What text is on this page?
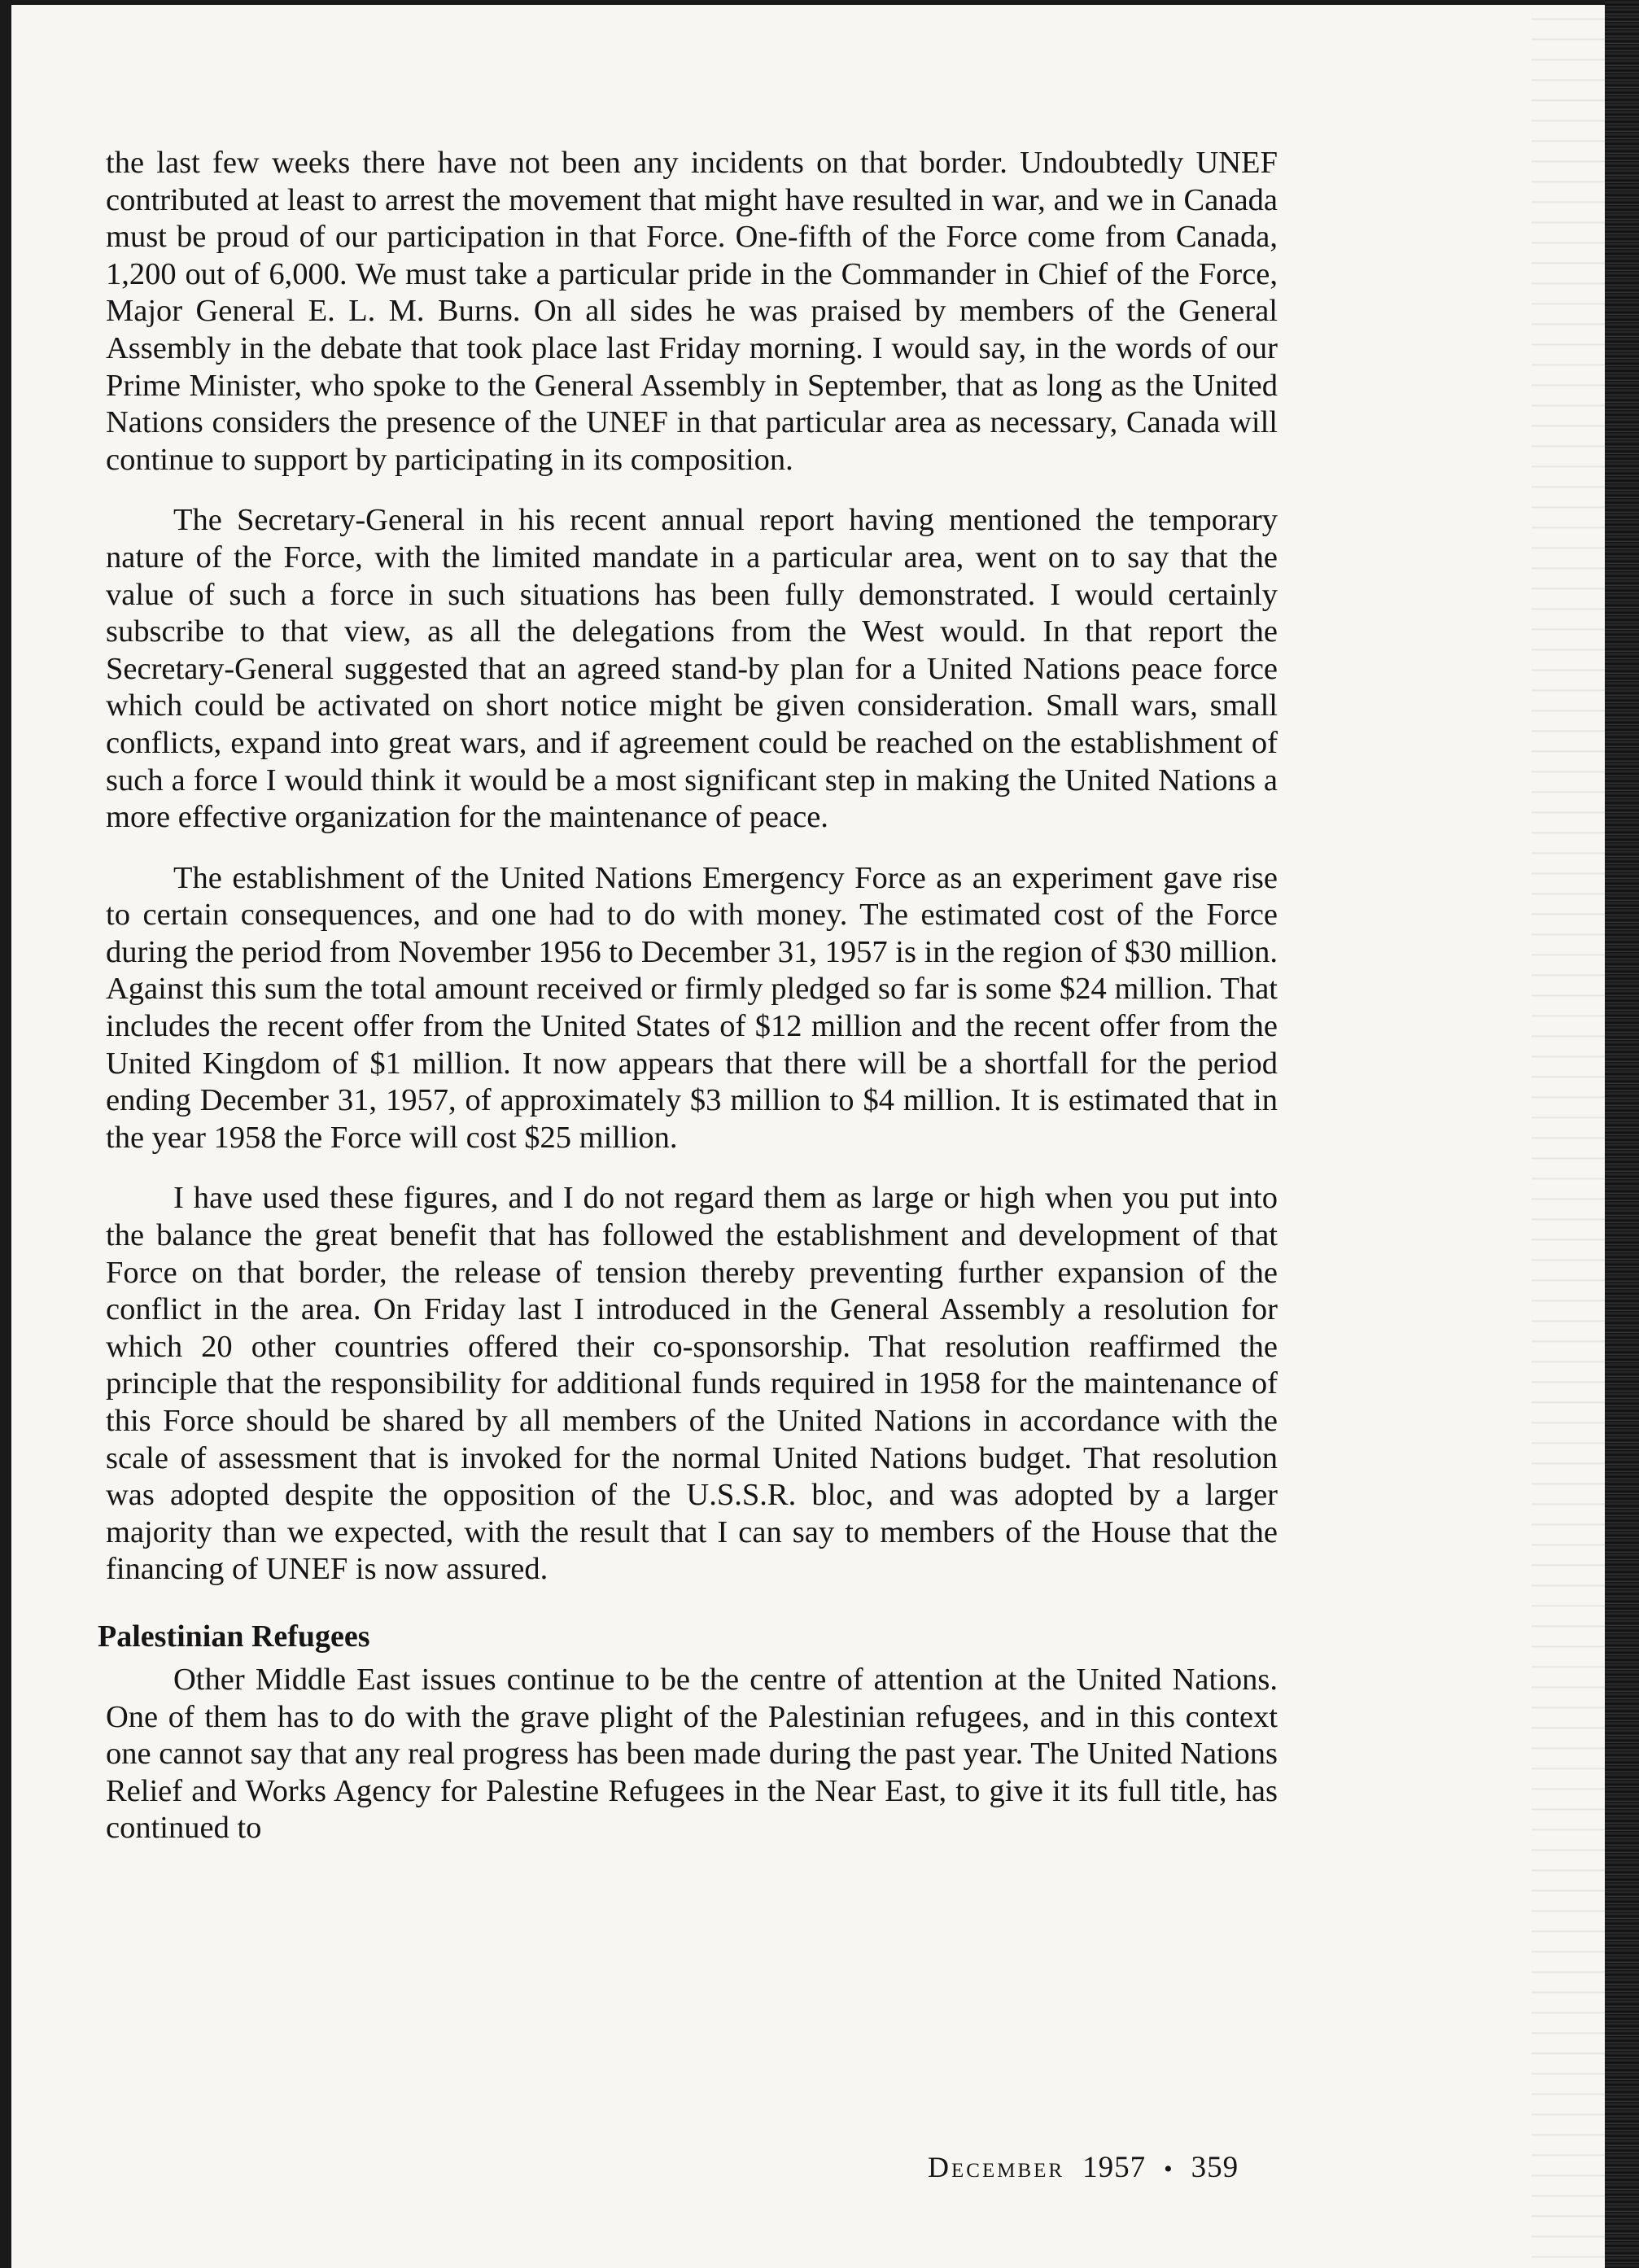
the last few weeks there have not been any incidents on that border. Undoubtedly UNEF contributed at least to arrest the movement that might have resulted in war, and we in Canada must be proud of our participation in that Force. One-fifth of the Force come from Canada, 1,200 out of 6,000. We must take a particular pride in the Commander in Chief of the Force, Major General E. L. M. Burns. On all sides he was praised by members of the General Assembly in the debate that took place last Friday morning. I would say, in the words of our Prime Minister, who spoke to the General Assembly in September, that as long as the United Nations considers the presence of the UNEF in that particular area as necessary, Canada will continue to support by participating in its composition.

The Secretary-General in his recent annual report having mentioned the temporary nature of the Force, with the limited mandate in a particular area, went on to say that the value of such a force in such situations has been fully demonstrated. I would certainly subscribe to that view, as all the delegations from the West would. In that report the Secretary-General suggested that an agreed stand-by plan for a United Nations peace force which could be activated on short notice might be given consideration. Small wars, small conflicts, expand into great wars, and if agreement could be reached on the establishment of such a force I would think it would be a most significant step in making the United Nations a more effective organization for the maintenance of peace.

The establishment of the United Nations Emergency Force as an experiment gave rise to certain consequences, and one had to do with money. The estimated cost of the Force during the period from November 1956 to December 31, 1957 is in the region of $30 million. Against this sum the total amount received or firmly pledged so far is some $24 million. That includes the recent offer from the United States of $12 million and the recent offer from the United Kingdom of $1 million. It now appears that there will be a shortfall for the period ending December 31, 1957, of approximately $3 million to $4 million. It is estimated that in the year 1958 the Force will cost $25 million.

I have used these figures, and I do not regard them as large or high when you put into the balance the great benefit that has followed the establishment and development of that Force on that border, the release of tension thereby preventing further expansion of the conflict in the area. On Friday last I introduced in the General Assembly a resolution for which 20 other countries offered their co-sponsorship. That resolution reaffirmed the principle that the responsibility for additional funds required in 1958 for the maintenance of this Force should be shared by all members of the United Nations in accordance with the scale of assessment that is invoked for the normal United Nations budget. That resolution was adopted despite the opposition of the U.S.S.R. bloc, and was adopted by a larger majority than we expected, with the result that I can say to members of the House that the financing of UNEF is now assured.

Palestinian Refugees

Other Middle East issues continue to be the centre of attention at the United Nations. One of them has to do with the grave plight of the Palestinian refugees, and in this context one cannot say that any real progress has been made during the past year. The United Nations Relief and Works Agency for Palestine Refugees in the Near East, to give it its full title, has continued to

December 1957 • 359
